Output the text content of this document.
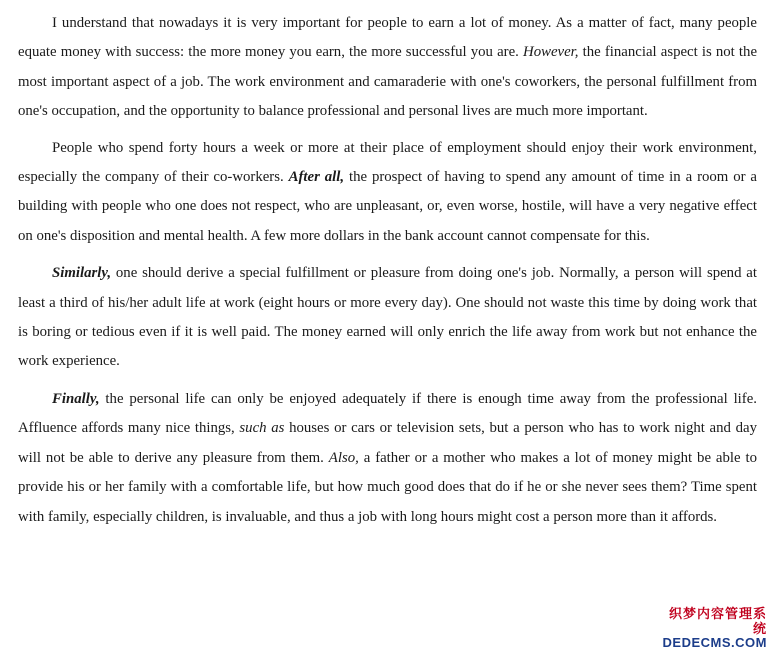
I understand that nowadays it is very important for people to earn a lot of money. As a matter of fact, many people equate money with success: the more money you earn, the more successful you are. However, the financial aspect is not the most important aspect of a job. The work environment and camaraderie with one's coworkers, the personal fulfillment from one's occupation, and the opportunity to balance professional and personal lives are much more important.

People who spend forty hours a week or more at their place of employment should enjoy their work environment, especially the company of their co-workers. After all, the prospect of having to spend any amount of time in a room or a building with people who one does not respect, who are unpleasant, or, even worse, hostile, will have a very negative effect on one's disposition and mental health. A few more dollars in the bank account cannot compensate for this.

Similarly, one should derive a special fulfillment or pleasure from doing one's job. Normally, a person will spend at least a third of his/her adult life at work (eight hours or more every day). One should not waste this time by doing work that is boring or tedious even if it is well paid. The money earned will only enrich the life away from work but not enhance the work experience.

Finally, the personal life can only be enjoyed adequately if there is enough time away from the professional life. Affluence affords many nice things, such as houses or cars or television sets, but a person who has to work night and day will not be able to derive any pleasure from them. Also, a father or a mother who makes a lot of money might be able to provide his or her family with a comfortable life, but how much good does that do if he or she never sees them? Time spent with family, especially children, is invaluable, and thus a job with long hours might cost a person more than it affords.

织梦内容管理系统
DEDECMS.COM
